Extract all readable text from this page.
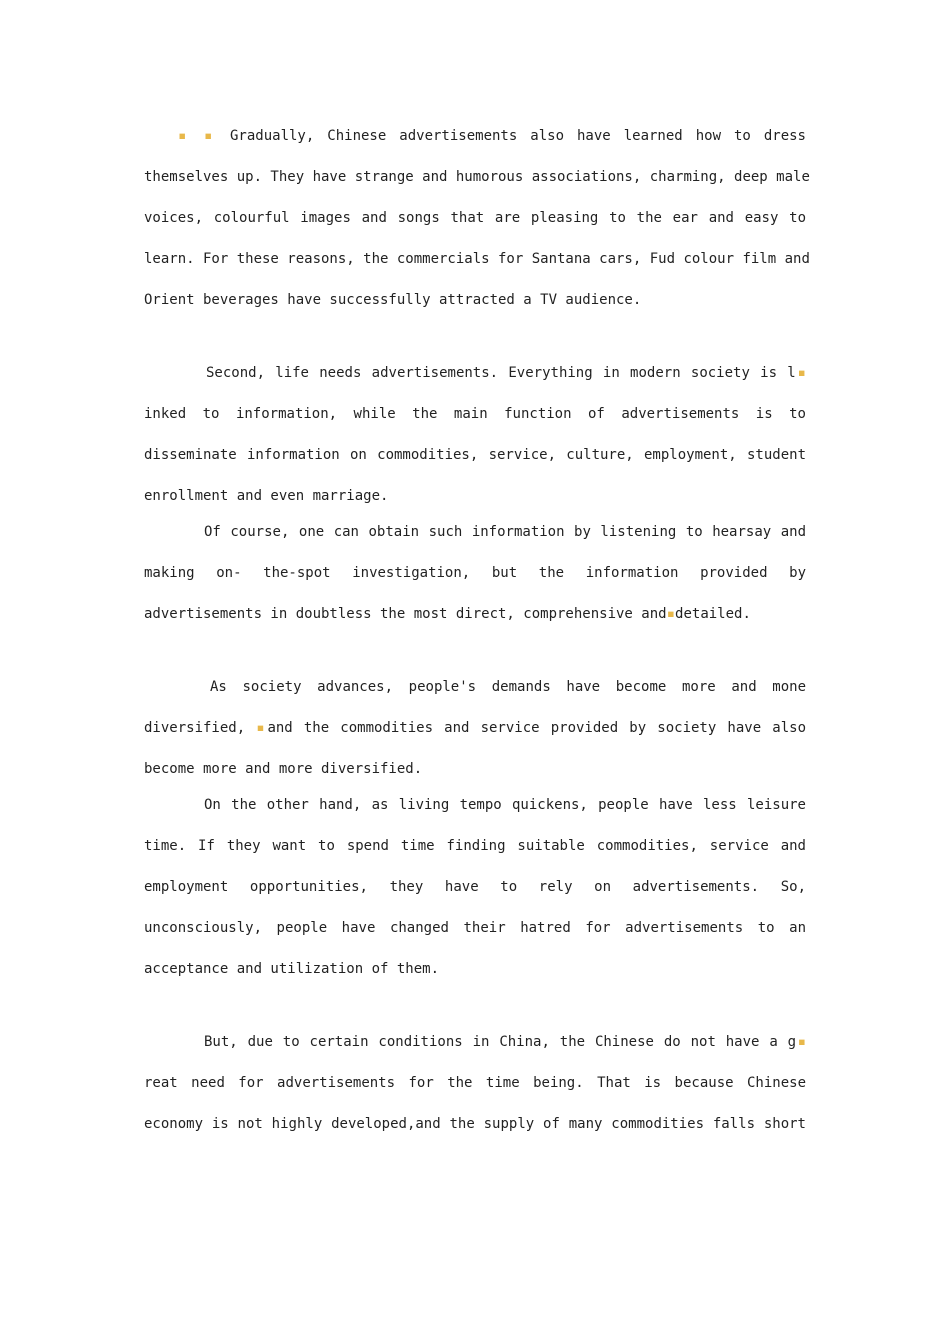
▪ ▪ Gradually, Chinese advertisements also have learned how to dress
themselves up. They have strange and humorous associations, charming, deep male
voices, colourful images and songs that are pleasing to the ear and easy to
learn. For these reasons, the commercials for Santana cars, Fud colour film and
Orient beverages have successfully attracted a TV audience.
Second, life needs advertisements. Everything in modern society is l▪
inked to information, while the main function of advertisements is to
disseminate information on commodities, service, culture, employment, student
enrollment and even marriage.
Of course, one can obtain such information by listening to hearsay and
making on- the-spot investigation, but the information provided by
advertisements in doubtless the most direct, comprehensive and▪detailed.
As society advances, people's demands have become more and mone
diversified, ▪and the commodities and service provided by society have also
become more and more diversified.
On the other hand, as living tempo quickens, people have less leisure
time. If they want to spend time finding suitable commodities, service and
employment opportunities, they have to rely on advertisements. So,
unconsciously, people have changed their hatred for advertisements to an
acceptance and utilization of them.
But, due to certain conditions in China, the Chinese do not have a g▪
reat need for advertisements for the time being. That is because Chinese
economy is not highly developed,and the supply of many commodities falls short
